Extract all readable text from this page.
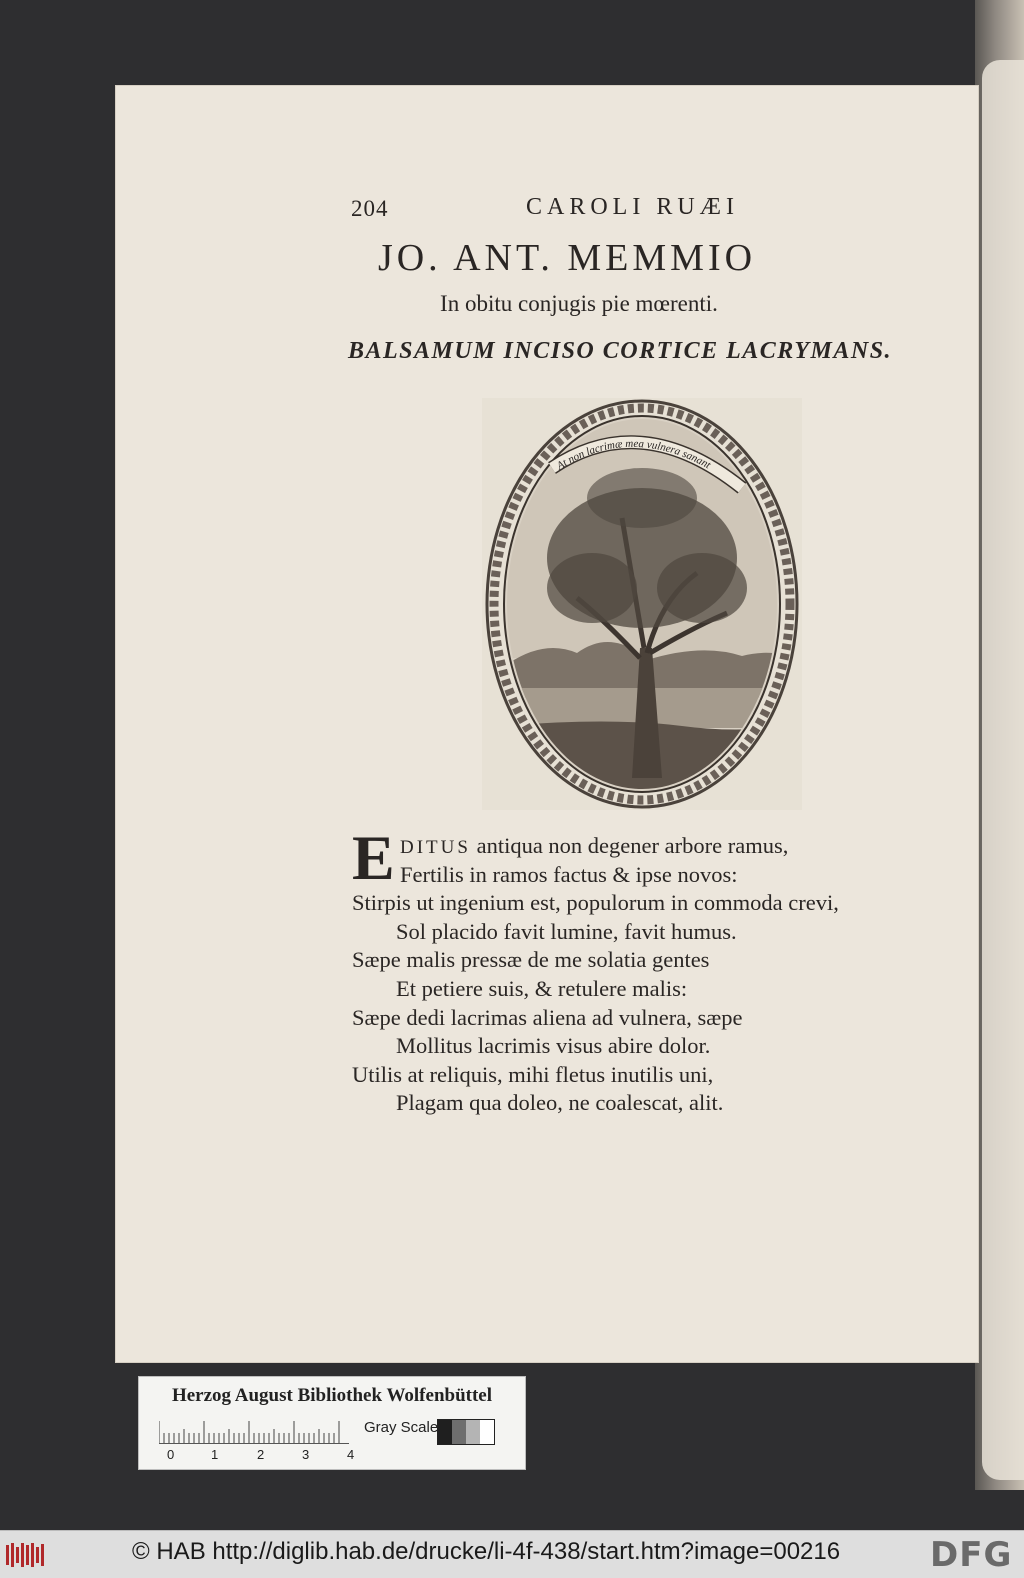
204	CAROLI RUÆI
JO. ANT. MEMMIO
In obitu conjugis pie mœrenti.
BALSAMUM INCISO CORTICE LACRYMANS.
At non lacrimæ mea vulnera sanant
E DITUS antiqua non degener arbore ramus,
Fertilis in ramos factus & ipse novos:
Stirpis ut ingenium est, populorum in commoda crevi,
Sol placido favit lumine, favit humus.
Sæpe malis pressæ de me solatia gentes
Et petiere suis, & retulere malis:
Sæpe dedi lacrimas aliena ad vulnera, sæpe
Mollitus lacrimis visus abire dolor.
Utilis at reliquis, mihi fletus inutilis uni,
Plagam qua doleo, ne coalescat, alit.
Herzog August Bibliothek Wolfenbüttel
0	1	2	3	4
Gray Scale
© HAB http://diglib.hab.de/drucke/li-4f-438/start.htm?image=00216	DFG
